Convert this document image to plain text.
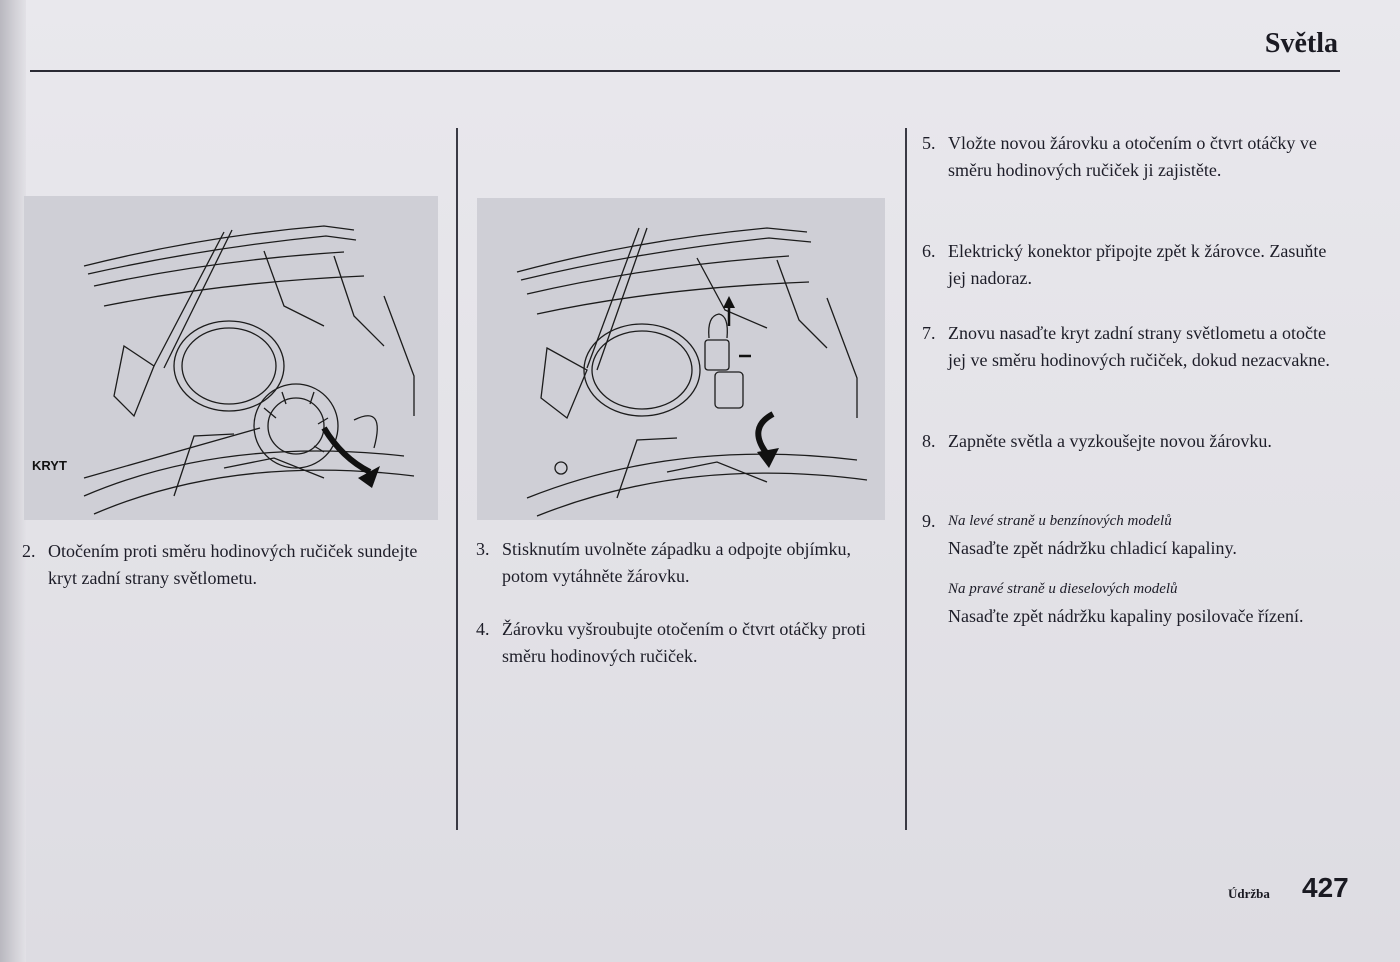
Světla
KRYT
2. Otočením proti směru hodinových ručiček sundejte kryt zadní strany světlometu.
3. Stisknutím uvolněte západku a odpojte objímku, potom vytáhněte žárovku.
4. Žárovku vyšroubujte otočením o čtvrt otáčky proti směru hodinových ručiček.
5. Vložte novou žárovku a otočením o čtvrt otáčky ve směru hodinových ručiček ji zajistěte.
6. Elektrický konektor připojte zpět k žárovce. Zasuňte jej nadoraz.
7. Znovu nasaďte kryt zadní strany světlometu a otočte jej ve směru hodinových ručiček, dokud nezacvakne.
8. Zapněte světla a vyzkoušejte novou žárovku.
9. Na levé straně u benzínových modelů
Nasaďte zpět nádržku chladicí kapaliny.
Na pravé straně u dieselových modelů
Nasaďte zpět nádržku kapaliny posilovače řízení.
Údržba 427
